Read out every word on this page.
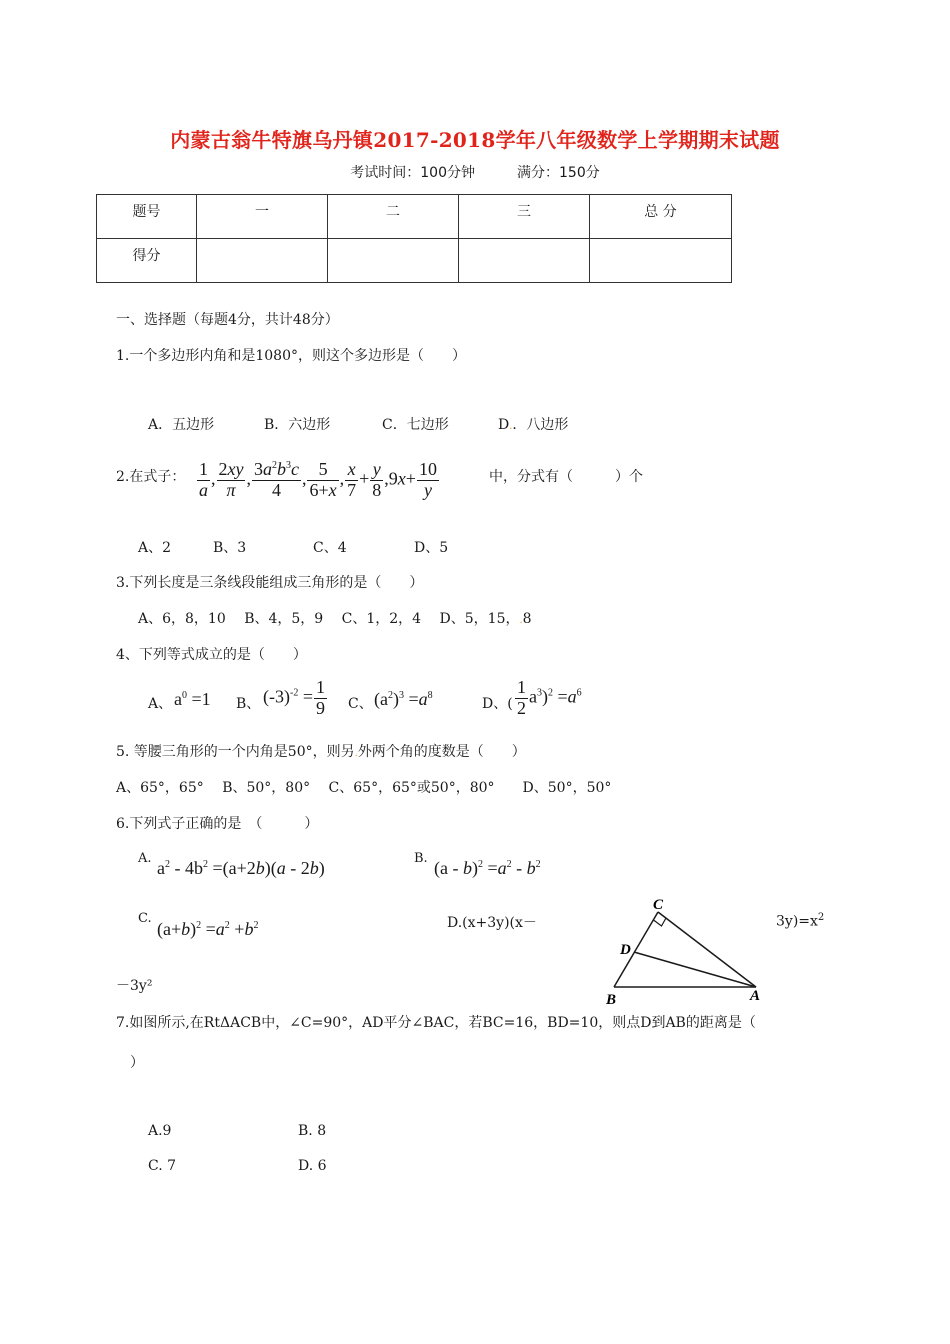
内蒙古翁牛特旗乌丹镇2017-2018学年八年级数学上学期期末试题
考试时间：100分钟	满分：150分
题号	一	二	三	总 分
得分				
一、选择题（每题4分，共计48分）
1.一个多边形内角和是1080°，则这个多边形是（　　）
A．五边形	B．六边形	C．七边形	D.．八边形
2.在式子： $\frac{1}{a}$ , $\frac{2xy}{\pi}$ , $\frac{3a^2b^3c}{4}$ , $\frac{5}{6+x}$ , $\frac{x}{7} + \frac{y}{8} ,9x+ \frac{10}{y}$	中，分式有（　　　）个
A、2	B、3	C、4	D、5
3.下列长度是三条线段能组成三角形的是（　　）
A、6，8，10　 B、4，5，9　 C、1，2，4　 D、5，15，.8
4、下列等式成立的是（　　）
A、 $a^0 =1$ B、 $(-3)^{-2} = \frac{1}{9}$ C、 $(a^2)^3 =a^8$
D、( $\frac{1}{2} a^3)^2 =a^6$
5. 等腰三角形的一个内角是50°，则另.外两个角的度数是（　　）
A、65°，65°　 B、50°，80°　 C、65°，65°或50°，80°　　D、50°，50°
6.下列式子正确的是　（　　　）
A. $a^2 - 4b^2 =(a+2b)(a - 2b)$	B. $(a - b)^2 =a^2 - b^2$
C.
$(a+b)^2 =a^2 +b^2$	D.(x+3y)(x－	$3y)=x^2$
－3y²
C
D
B	A
7.如图所示,在RtΔACB中，∠C=90°，AD平分∠BAC，若BC=16，BD=10，则点D到AB的距离是（
）
A.9	B. 8
C. 7	D. 6
